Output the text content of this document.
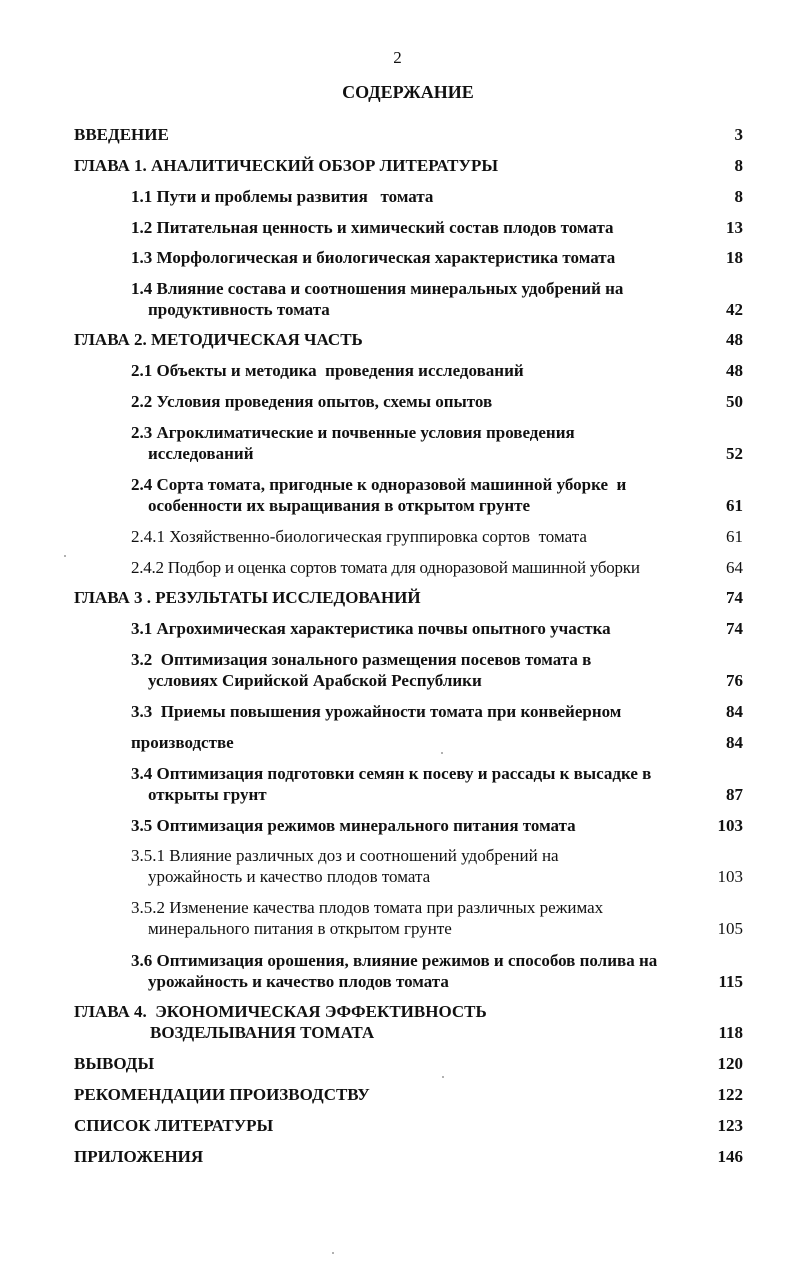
2
СОДЕРЖАНИЕ
ВВЕДЕНИЕ	3
ГЛАВА 1. АНАЛИТИЧЕСКИЙ ОБЗОР ЛИТЕРАТУРЫ	8
1.1 Пути и проблемы развития   томата	8
1.2 Питательная ценность и химический состав плодов томата	13
1.3 Морфологическая и биологическая характеристика томата	18
1.4 Влияние состава и соотношения минеральных удобрений на
продуктивность томата	42
ГЛАВА 2. МЕТОДИЧЕСКАЯ ЧАСТЬ	48
2.1 Объекты и методика  проведения исследований	48
2.2 Условия проведения опытов, схемы опытов	50
2.3 Агроклиматические и почвенные условия проведения
исследований	52
2.4 Сорта томата, пригодные к одноразовой машинной уборке  и
особенности их выращивания в открытом грунте	61
2.4.1 Хозяйственно-биологическая группировка сортов  томата	61
2.4.2 Подбор и оценка сортов томата для одноразовой машинной уборки	64
ГЛАВА 3 . РЕЗУЛЬТАТЫ ИССЛЕДОВАНИЙ	74
3.1 Агрохимическая характеристика почвы опытного участка	74
3.2  Оптимизация зонального размещения посевов томата в
условиях Сирийской Арабской Республики	76
3.3  Приемы повышения урожайности томата при конвейерном	84
производстве	84
3.4 Оптимизация подготовки семян к посеву и рассады к высадке в
открыты грунт	87
3.5 Оптимизация режимов минерального питания томата	103
3.5.1 Влияние различных доз и соотношений удобрений на
урожайность и качество плодов томата	103
3.5.2 Изменение качества плодов томата при различных режимах
минерального питания в открытом грунте	105
3.6 Оптимизация орошения, влияние режимов и способов полива на
урожайность и качество плодов томата	115
ГЛАВА 4.  ЭКОНОМИЧЕСКАЯ ЭФФЕКТИВНОСТЬ
ВОЗДЕЛЫВАНИЯ ТОМАТА	118
ВЫВОДЫ	120
РЕКОМЕНДАЦИИ ПРОИЗВОДСТВУ	122
СПИСОК ЛИТЕРАТУРЫ	123
ПРИЛОЖЕНИЯ	146
